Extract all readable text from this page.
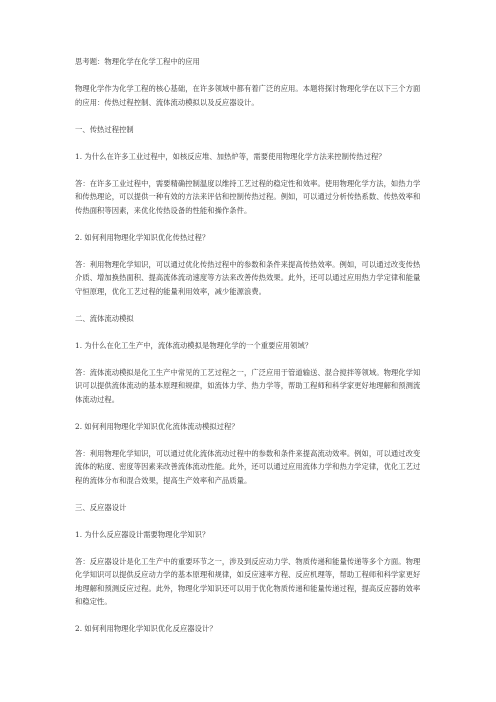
思考题：物理化学在化学工程中的应用

物理化学作为化学工程的核心基础，在许多领域中都有着广泛的应用。本题将探讨物理化学在以下三个方面的应用：传热过程控制、流体流动模拟以及反应器设计。

一、传热过程控制

1. 为什么在许多工业过程中，如核反应堆、加热炉等，需要使用物理化学方法来控制传热过程？

答：在许多工业过程中，需要精确控制温度以维持工艺过程的稳定性和效率。使用物理化学方法，如热力学和传热理论，可以提供一种有效的方法来评估和控制传热过程。例如，可以通过分析传热系数、传热效率和传热面积等因素，来优化传热设备的性能和操作条件。

2. 如何利用物理化学知识优化传热过程？

答：利用物理化学知识，可以通过优化传热过程中的参数和条件来提高传热效率。例如，可以通过改变传热介质、增加换热面积、提高流体流动速度等方法来改善传热效果。此外，还可以通过应用热力学定律和能量守恒原理，优化工艺过程的能量利用效率，减少能源浪费。

二、流体流动模拟

1. 为什么在化工生产中，流体流动模拟是物理化学的一个重要应用领域？

答：流体流动模拟是化工生产中常见的工艺过程之一，广泛应用于管道输送、混合搅拌等领域。物理化学知识可以提供流体流动的基本原理和规律，如流体力学、热力学等，帮助工程师和科学家更好地理解和预测流体流动过程。

2. 如何利用物理化学知识优化流体流动模拟过程？

答：利用物理化学知识，可以通过优化流体流动过程中的参数和条件来提高流动效率。例如，可以通过改变流体的粘度、密度等因素来改善流体流动性能。此外，还可以通过应用流体力学和热力学定律，优化工艺过程的流体分布和混合效果，提高生产效率和产品质量。

三、反应器设计

1. 为什么反应器设计需要物理化学知识？

答：反应器设计是化工生产中的重要环节之一，涉及到反应动力学、物质传递和能量传递等多个方面。物理化学知识可以提供反应动力学的基本原理和规律，如反应速率方程、反应机理等，帮助工程师和科学家更好地理解和预测反应过程。此外，物理化学知识还可以用于优化物质传递和能量传递过程，提高反应器的效率和稳定性。

2. 如何利用物理化学知识优化反应器设计？
